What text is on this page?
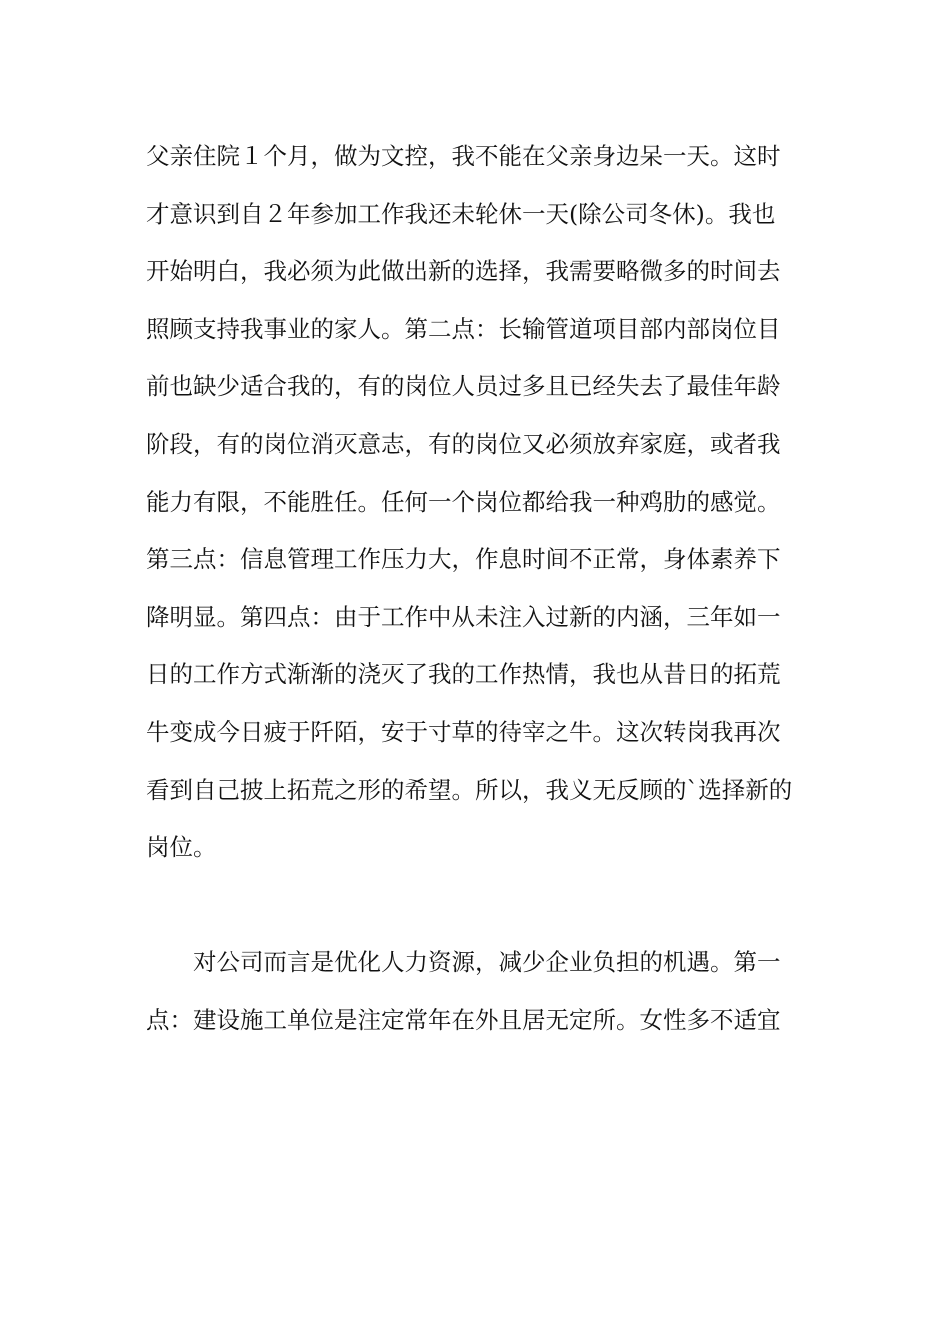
父亲住院１个月，做为文控，我不能在父亲身边呆一天。这时
才意识到自２年参加工作我还未轮休一天(除公司冬休)。我也
开始明白，我必须为此做出新的选择，我需要略微多的时间去
照顾支持我事业的家人。第二点：长输管道项目部内部岗位目
前也缺少适合我的，有的岗位人员过多且已经失去了最佳年龄
阶段，有的岗位消灭意志，有的岗位又必须放弃家庭，或者我
能力有限，不能胜任。任何一个岗位都给我一种鸡肋的感觉。
第三点：信息管理工作压力大，作息时间不正常，身体素养下
降明显。第四点：由于工作中从未注入过新的内涵，三年如一
日的工作方式渐渐的浇灭了我的工作热情，我也从昔日的拓荒
牛变成今日疲于阡陌，安于寸草的待宰之牛。这次转岗我再次
看到自己披上拓荒之形的希望。所以，我义无反顾的`选择新的
岗位。
对公司而言是优化人力资源，减少企业负担的机遇。第一
点：建设施工单位是注定常年在外且居无定所。女性多不适宜
